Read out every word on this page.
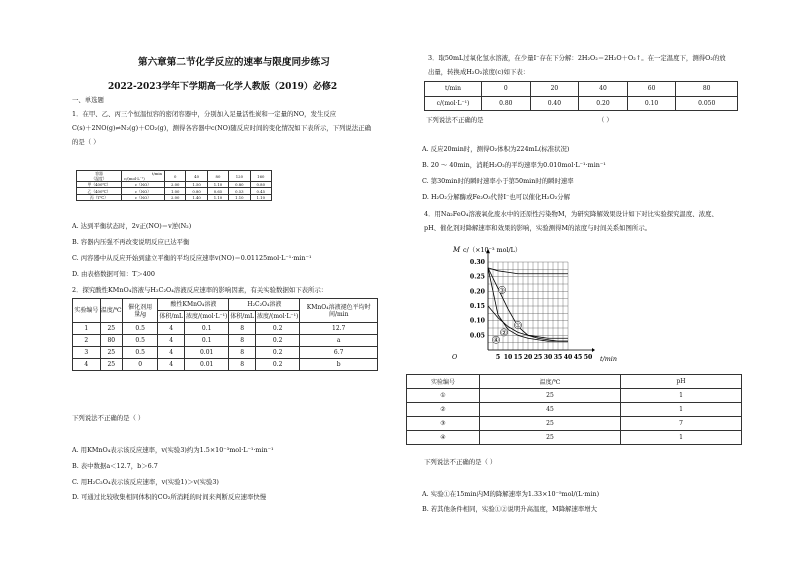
第六章第二节化学反应的速率与限度同步练习
2022-2023学年下学期高一化学人教版（2019）必修2
一、单选题
1．在甲、乙、丙三个恒温恒容的密闭容器中，分别加入足量活性炭和一定量的NO，发生反应
C(s)＋2NO(g)⇌N₂(g)＋CO₂(g)，测得各容器中c(NO)随反应时间的变化情况如下表所示，下列说法正确
的是（ ）
容器
（温度）	t/min

c/(mol·L⁻¹)	0	40	80	120	160
甲（400℃）	c（NO）	2.00	1.50	1.10	0.80	0.80
乙（400℃）	c（NO）	1.00	0.80	0.65	0.53	0.45
丙（T℃）	c（NO）	2.00	1.40	1.10	1.10	1.10
A. 达到平衡状态时，2v正(NO)＝v逆(N₂)
B. 容器内压强不再改变说明反应已达平衡
C. 丙容器中从反应开始到建立平衡的平均反应速率v(NO)＝0.01125mol·L⁻¹·min⁻¹
D. 由表格数据可知：T＞400
2．探究酸性KMnO₄溶液与H₂C₂O₄溶液反应速率的影响因素，有关实验数据如下表所示：
实验编号	温度/℃	催化剂用量/g	酸性KMnO₄溶液		H₂C₂O₄溶液		KMnO₄溶液褪色平均时间/min
			体积/mL	浓度/(mol·L⁻¹)	体积/mL	浓度/(mol·L⁻¹)	
1	25	0.5	4	0.1	8	0.2	12.7
2	80	0.5	4	0.1	8	0.2	a
3	25	0.5	4	0.01	8	0.2	6.7
4	25	0	4	0.01	8	0.2	b
下列说法不正确的是（ ）
A. 用KMnO₄表示该反应速率，v(实验3)约为1.5×10⁻³mol·L⁻¹·min⁻¹
B. 表中数据a＜12.7，b＞6.7
C. 用H₂C₂O₄表示该反应速率，v(实验1)＞v(实验3)
D. 可通过比较收集相同体积的CO₂所消耗的时间来判断反应速率快慢
3．取50mL过氧化氢水溶液，在少量I⁻存在下分解：2H₂O₂＝2H₂O＋O₂↑。在一定温度下，测得O₂的放
出量，转换成H₂O₂浓度(c)如下表：
t/min	0	20	40	60	80
c/(mol·L⁻¹)	0.80	0.40	0.20	0.10	0.050
下列说法不正确的是	（ ）
A. 反应20min时，测得O₂体积为224mL(标准状况)
B. 20 ～ 40min，消耗H₂O₂的平均速率为0.010mol·L⁻¹·min⁻¹
C. 第30min时的瞬时速率小于第50min时的瞬时速率
D. H₂O₂分解酶或Fe₂O₃代替I⁻也可以催化H₂O₂分解
4．用Na₂FeO₄溶液氧化废水中的还原性污染物M，为研究降解效果设计如下对比实验探究温度、浓度、
pH、催化剂对降解速率和效果的影响，实验测得M的浓度与时间关系如图所示。
5 10 15 20 25 30 35 40 45 50
0.05
0.10
0.15
0.20
0.25
0.30
①
②
③
④
M c/（×10⁻³ mol/L）
t/min
O
实验编号	温度/℃	pH
①	25	1
②	45	1
③	25	7
④	25	1
下列说法不正确的是（ ）
A. 实验①在15min内M的降解速率为1.33×10⁻⁵mol/(L·min)
B. 若其他条件相同，实验①②说明升高温度，M降解速率增大
